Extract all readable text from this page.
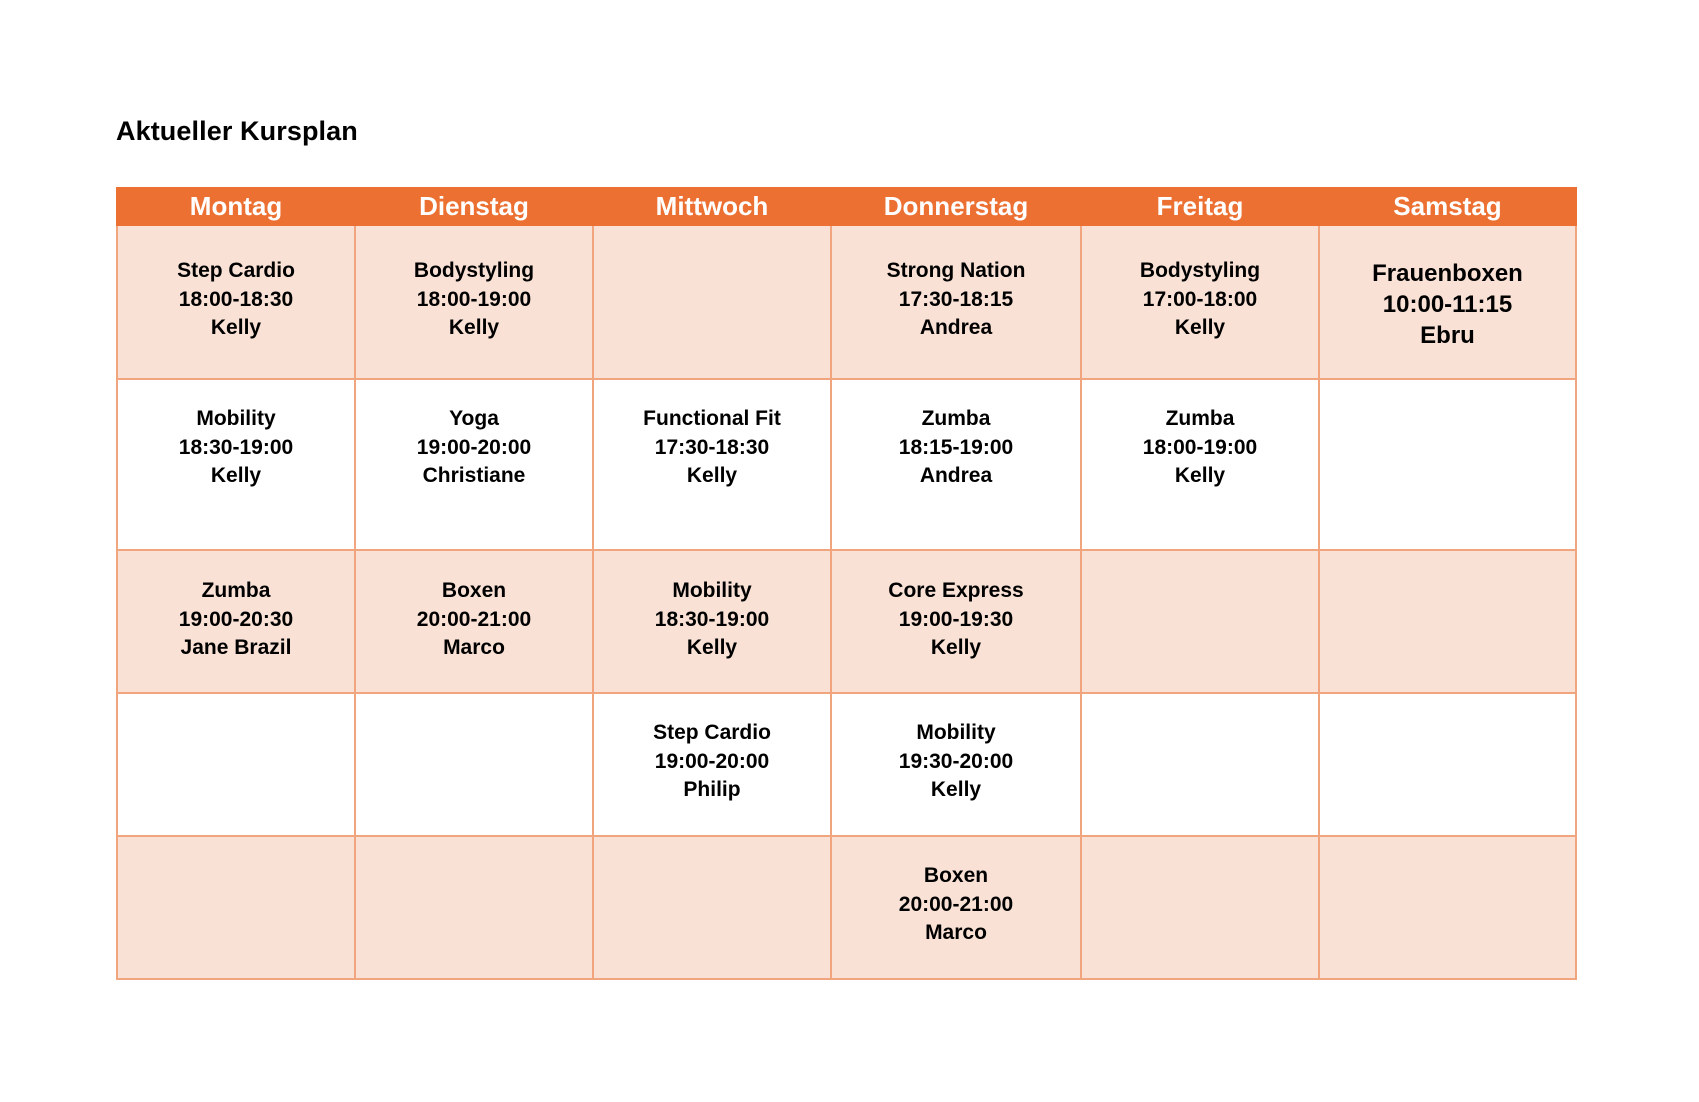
Aktueller Kursplan
Montag	Dienstag	Mittwoch	Donnerstag	Freitag	Samstag

Step Cardio
18:00-18:30
Kelly	Bodystyling
18:00-19:00
Kelly		Strong Nation
17:30-18:15
Andrea	Bodystyling
17:00-18:00
Kelly	Frauenboxen
10:00-11:15
Ebru

Mobility
18:30-19:00
Kelly	Yoga
19:00-20:00
Christiane	Functional Fit
17:30-18:30
Kelly	Zumba
18:15-19:00
Andrea	Zumba
18:00-19:00
Kelly	

Zumba
19:00-20:30
Jane Brazil	Boxen
20:00-21:00
Marco	Mobility
18:30-19:00
Kelly	Core Express
19:00-19:30
Kelly		

		Step Cardio
19:00-20:00
Philip	Mobility
19:30-20:00
Kelly		

			Boxen
20:00-21:00
Marco		
